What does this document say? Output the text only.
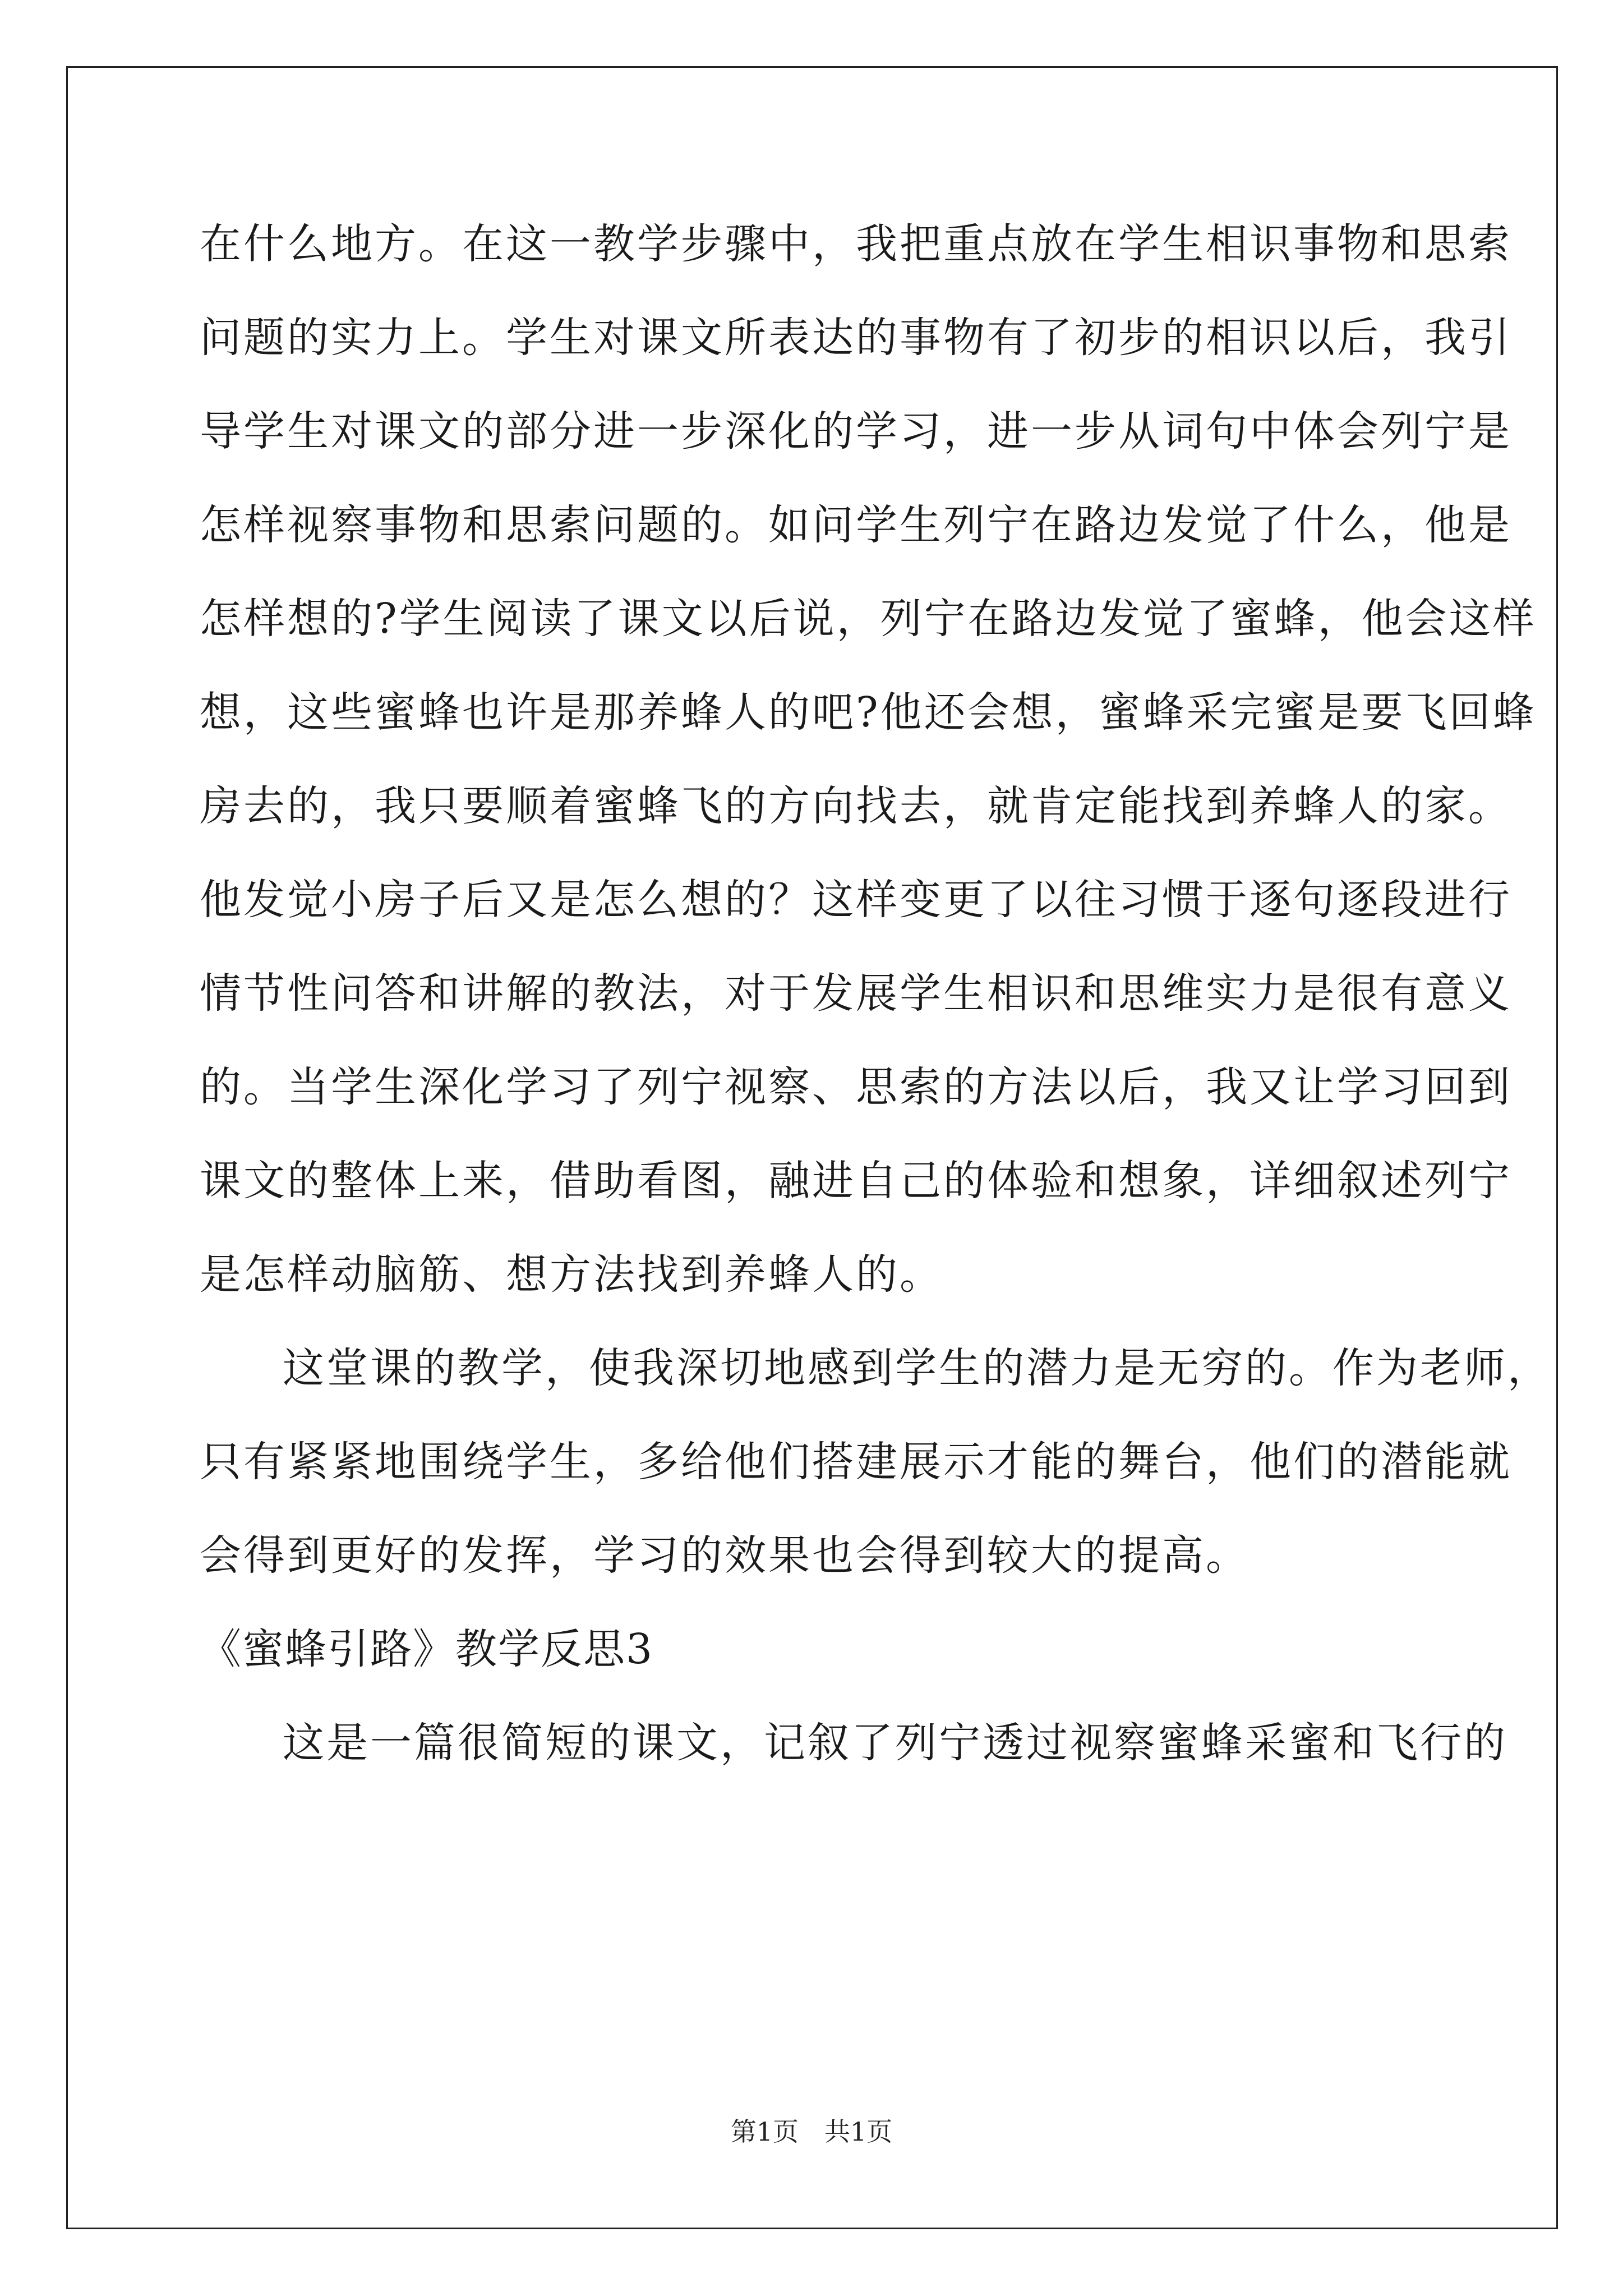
在什么地方。在这一教学步骤中，我把重点放在学生相识事物和思索
问题的实力上。学生对课文所表达的事物有了初步的相识以后，我引
导学生对课文的部分进一步深化的学习，进一步从词句中体会列宁是
怎样视察事物和思索问题的。如问学生列宁在路边发觉了什么，他是
怎样想的?学生阅读了课文以后说，列宁在路边发觉了蜜蜂，他会这样
想，这些蜜蜂也许是那养蜂人的吧?他还会想，蜜蜂采完蜜是要飞回蜂
房去的，我只要顺着蜜蜂飞的方向找去，就肯定能找到养蜂人的家。
他发觉小房子后又是怎么想的？这样变更了以往习惯于逐句逐段进行
情节性问答和讲解的教法，对于发展学生相识和思维实力是很有意义
的。当学生深化学习了列宁视察、思索的方法以后，我又让学习回到
课文的整体上来，借助看图，融进自己的体验和想象，详细叙述列宁
是怎样动脑筋、想方法找到养蜂人的。
这堂课的教学，使我深切地感到学生的潜力是无穷的。作为老师，
只有紧紧地围绕学生，多给他们搭建展示才能的舞台，他们的潜能就
会得到更好的发挥，学习的效果也会得到较大的提高。
《蜜蜂引路》教学反思3
这是一篇很简短的课文，记叙了列宁透过视察蜜蜂采蜜和飞行的
第1页　共1页
